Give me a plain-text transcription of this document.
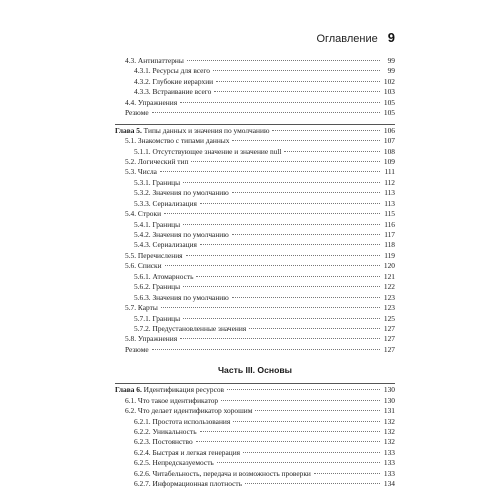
Оглавление 9
4.3. Антипаттерны	99
4.3.1. Ресурсы для всего	99
4.3.2. Глубокие иерархии	102
4.3.3. Встраивание всего	103
4.4. Упражнения	105
Резюме	105
Глава 5. Типы данных и значения по умолчанию	106
5.1. Знакомство с типами данных	107
5.1.1. Отсутствующее значение и значение null	108
5.2. Логический тип	109
5.3. Числа	111
5.3.1. Границы	112
5.3.2. Значения по умолчанию	113
5.3.3. Сериализация	113
5.4. Строки	115
5.4.1. Границы	116
5.4.2. Значения по умолчанию	117
5.4.3. Сериализация	118
5.5. Перечисления	119
5.6. Списки	120
5.6.1. Атомарность	121
5.6.2. Границы	122
5.6.3. Значения по умолчанию	123
5.7. Карты	123
5.7.1. Границы	125
5.7.2. Предустановленные значения	127
5.8. Упражнения	127
Резюме	127
Часть III. Основы
Глава 6. Идентификация ресурсов	130
6.1. Что такое идентификатор	130
6.2. Что делает идентификатор хорошим	131
6.2.1. Простота использования	132
6.2.2. Уникальность	132
6.2.3. Постоянство	132
6.2.4. Быстрая и легкая генерация	133
6.2.5. Непредсказуемость	133
6.2.6. Читабельность, передача и возможность проверки	133
6.2.7. Информационная плотность	134
